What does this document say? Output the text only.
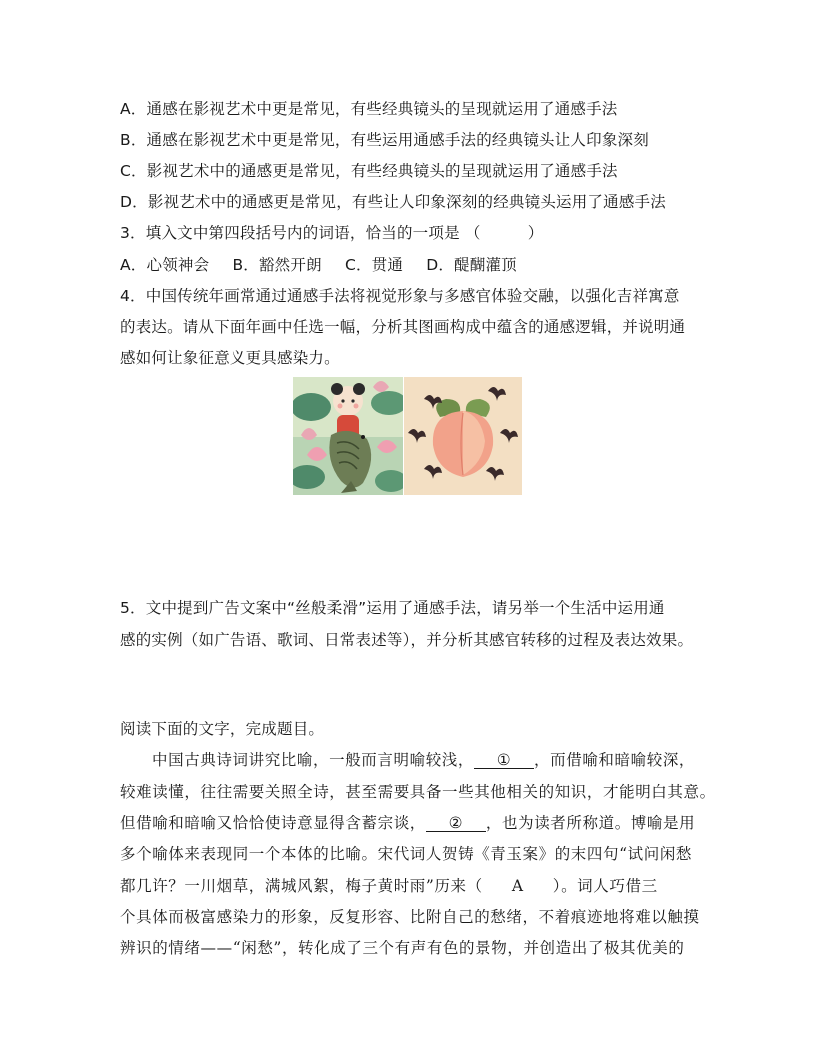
A．通感在影视艺术中更是常见，有些经典镜头的呈现就运用了通感手法
B．通感在影视艺术中更是常见，有些运用通感手法的经典镜头让人印象深刻
C．影视艺术中的通感更是常见，有些经典镜头的呈现就运用了通感手法
D．影视艺术中的通感更是常见，有些让人印象深刻的经典镜头运用了通感手法
3．填入文中第四段括号内的词语，恰当的一项是 （　　　）
A．心领神会 B．豁然开朗 C．贯通 D．醍醐灌顶
4．中国传统年画常通过通感手法将视觉形象与多感官体验交融，以强化吉祥寓意
的表达。请从下面年画中任选一幅，分析其图画构成中蕴含的通感逻辑，并说明通
感如何让象征意义更具感染力。
5．文中提到广告文案中“丝般柔滑”运用了通感手法，请另举一个生活中运用通
感的实例（如广告语、歌词、日常表述等），并分析其感官转移的过程及表达效果。
阅读下面的文字，完成题目。
中国古典诗词讲究比喻，一般而言明喻较浅， ① ，而借喻和暗喻较深，
较难读懂，往往需要关照全诗，甚至需要具备一些其他相关的知识，才能明白其意。
但借喻和暗喻又恰恰使诗意显得含蓄宗谈， ② ，也为读者所称道。博喻是用
多个喻体来表现同一个本体的比喻。宋代词人贺铸《青玉案》的末四句“试问闲愁
都几许？一川烟草，满城风絮，梅子黄时雨”历来（ A ）。词人巧借三
个具体而极富感染力的形象，反复形容、比附自己的愁绪，不着痕迹地将难以触摸
辨识的情绪——“闲愁”，转化成了三个有声有色的景物，并创造出了极其优美的
